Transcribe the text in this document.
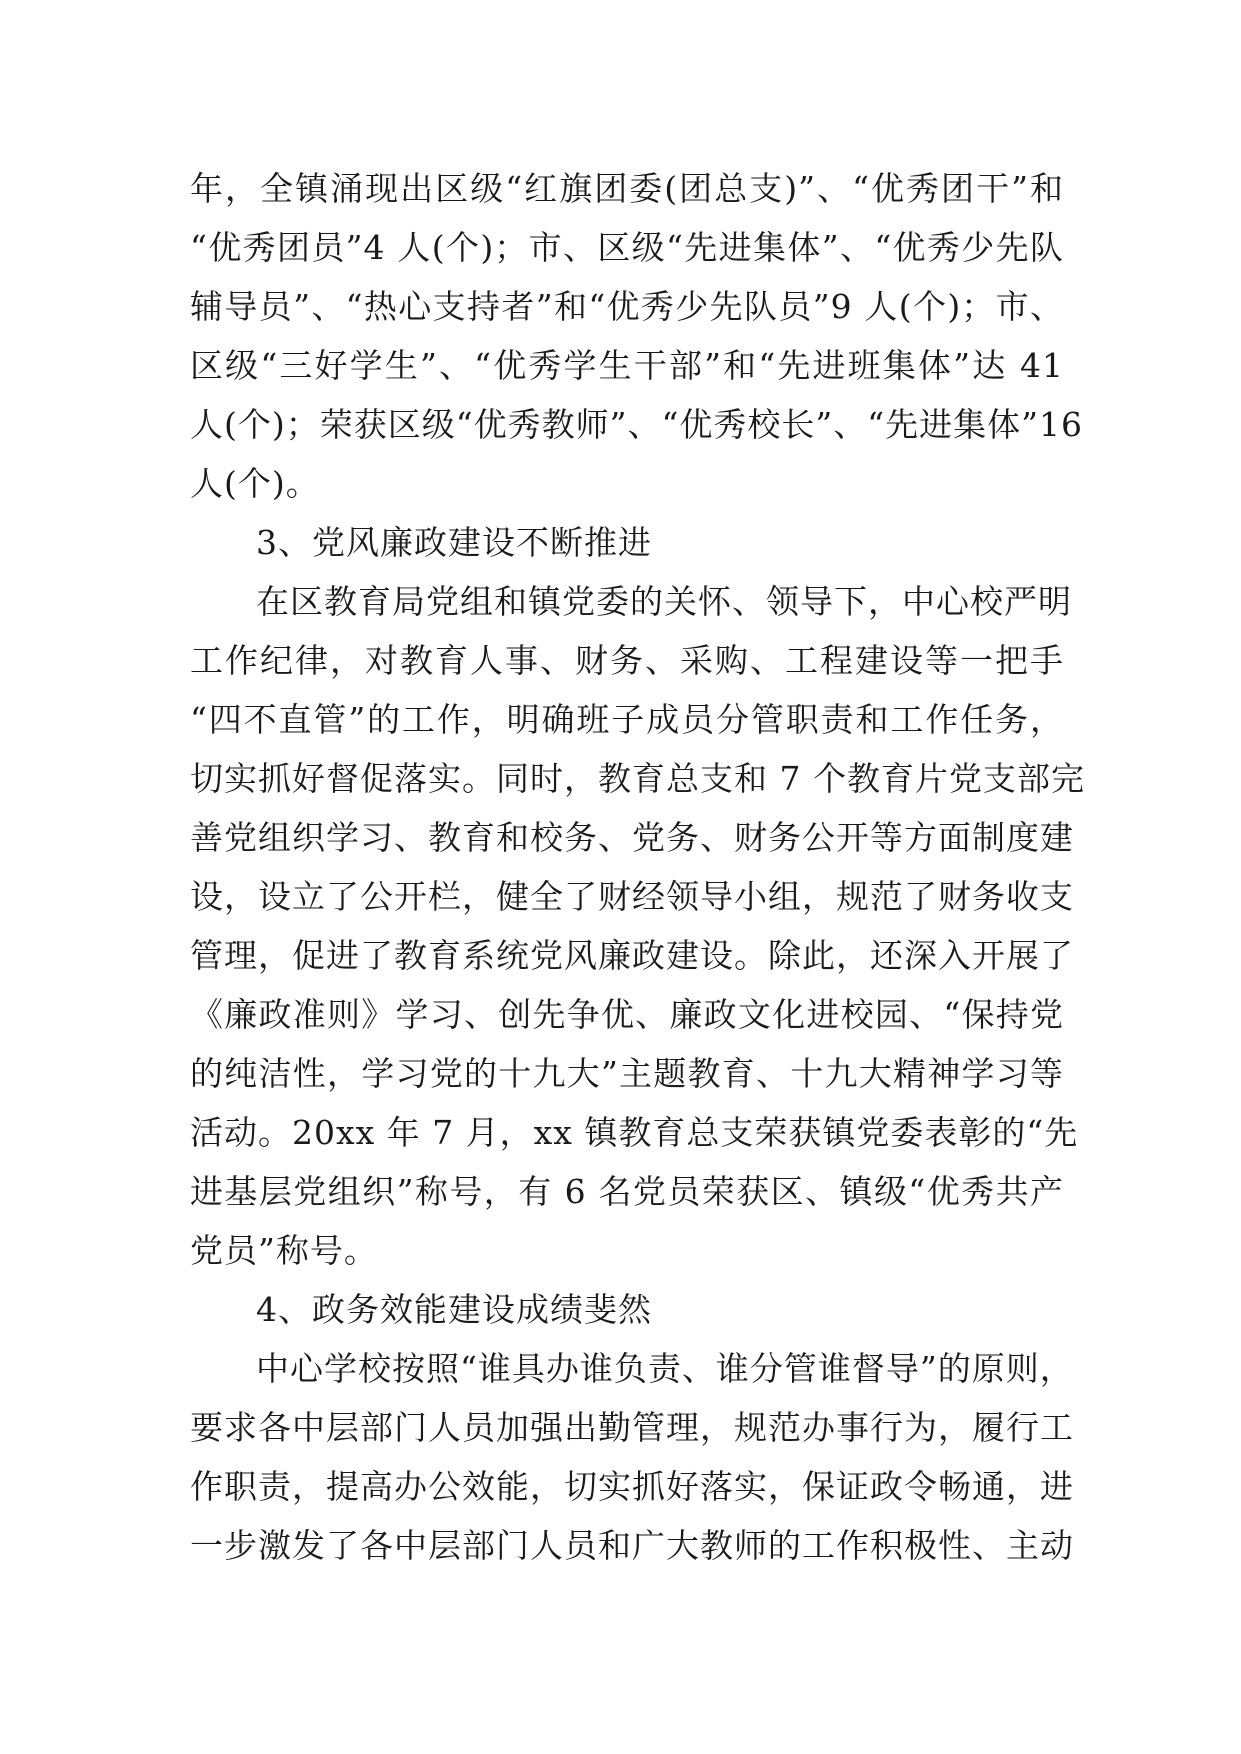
年，全镇涌现出区级“红旗团委(团总支)”、“优秀团干”和
“优秀团员”4 人(个)；市、区级“先进集体”、“优秀少先队
辅导员”、“热心支持者”和“优秀少先队员”9 人(个)；市、
区级“三好学生”、“优秀学生干部”和“先进班集体”达 41
人(个)；荣获区级“优秀教师”、“优秀校长”、“先进集体”16
人(个)。
3、党风廉政建设不断推进
在区教育局党组和镇党委的关怀、领导下，中心校严明
工作纪律，对教育人事、财务、采购、工程建设等一把手
“四不直管”的工作，明确班子成员分管职责和工作任务，
切实抓好督促落实。同时，教育总支和 7 个教育片党支部完
善党组织学习、教育和校务、党务、财务公开等方面制度建
设，设立了公开栏，健全了财经领导小组，规范了财务收支
管理，促进了教育系统党风廉政建设。除此，还深入开展了
《廉政准则》学习、创先争优、廉政文化进校园、“保持党
的纯洁性，学习党的十九大”主题教育、十九大精神学习等
活动。20xx 年 7 月，xx 镇教育总支荣获镇党委表彰的“先
进基层党组织”称号，有 6 名党员荣获区、镇级“优秀共产
党员”称号。
4、政务效能建设成绩斐然
中心学校按照“谁具办谁负责、谁分管谁督导”的原则，
要求各中层部门人员加强出勤管理，规范办事行为，履行工
作职责，提高办公效能，切实抓好落实，保证政令畅通，进
一步激发了各中层部门人员和广大教师的工作积极性、主动
